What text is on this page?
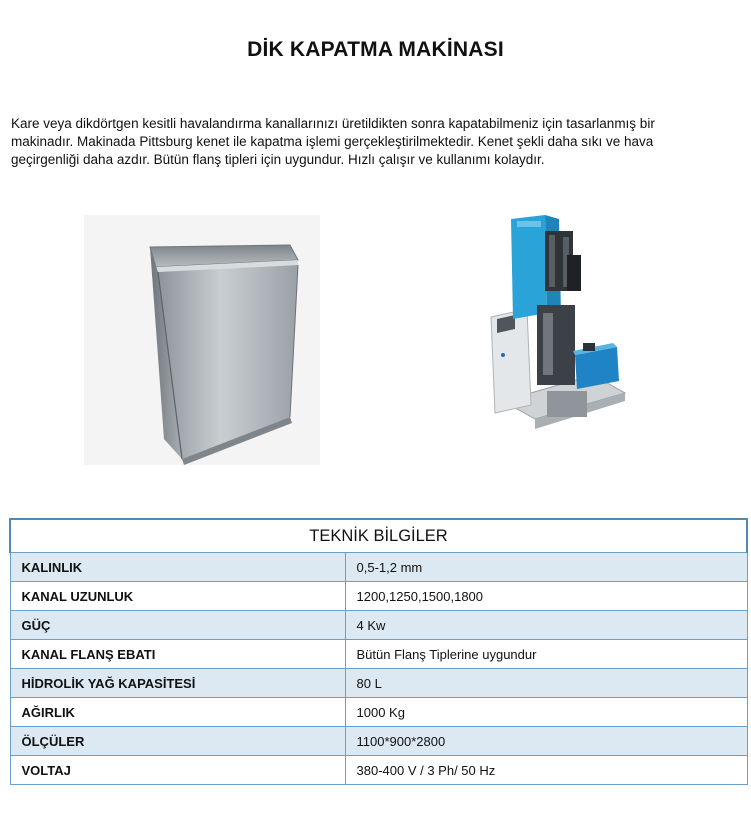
DİK KAPATMA MAKİNASI
Kare veya dikdörtgen kesitli havalandırma kanallarınızı üretildikten sonra kapatabilmeniz için tasarlanmış bir makinadır. Makinada Pittsburg kenet ile kapatma işlemi gerçekleştirilmektedir. Kenet şekli daha sıkı ve hava geçirgenliği daha azdır. Bütün flanş tipleri için uygundur. Hızlı çalışır ve kullanımı kolaydır.
TEKNİK BİLGİLER	
KALINLIK	0,5-1,2 mm
KANAL UZUNLUK	1200,1250,1500,1800
GÜÇ	4 Kw
KANAL FLANŞ EBATI	Bütün Flanş Tiplerine uygundur
HİDROLİK YAĞ KAPASİTESİ	80 L
AĞIRLIK	1000 Kg
ÖLÇÜLER	1100*900*2800
VOLTAJ	380-400 V / 3 Ph/ 50 Hz
